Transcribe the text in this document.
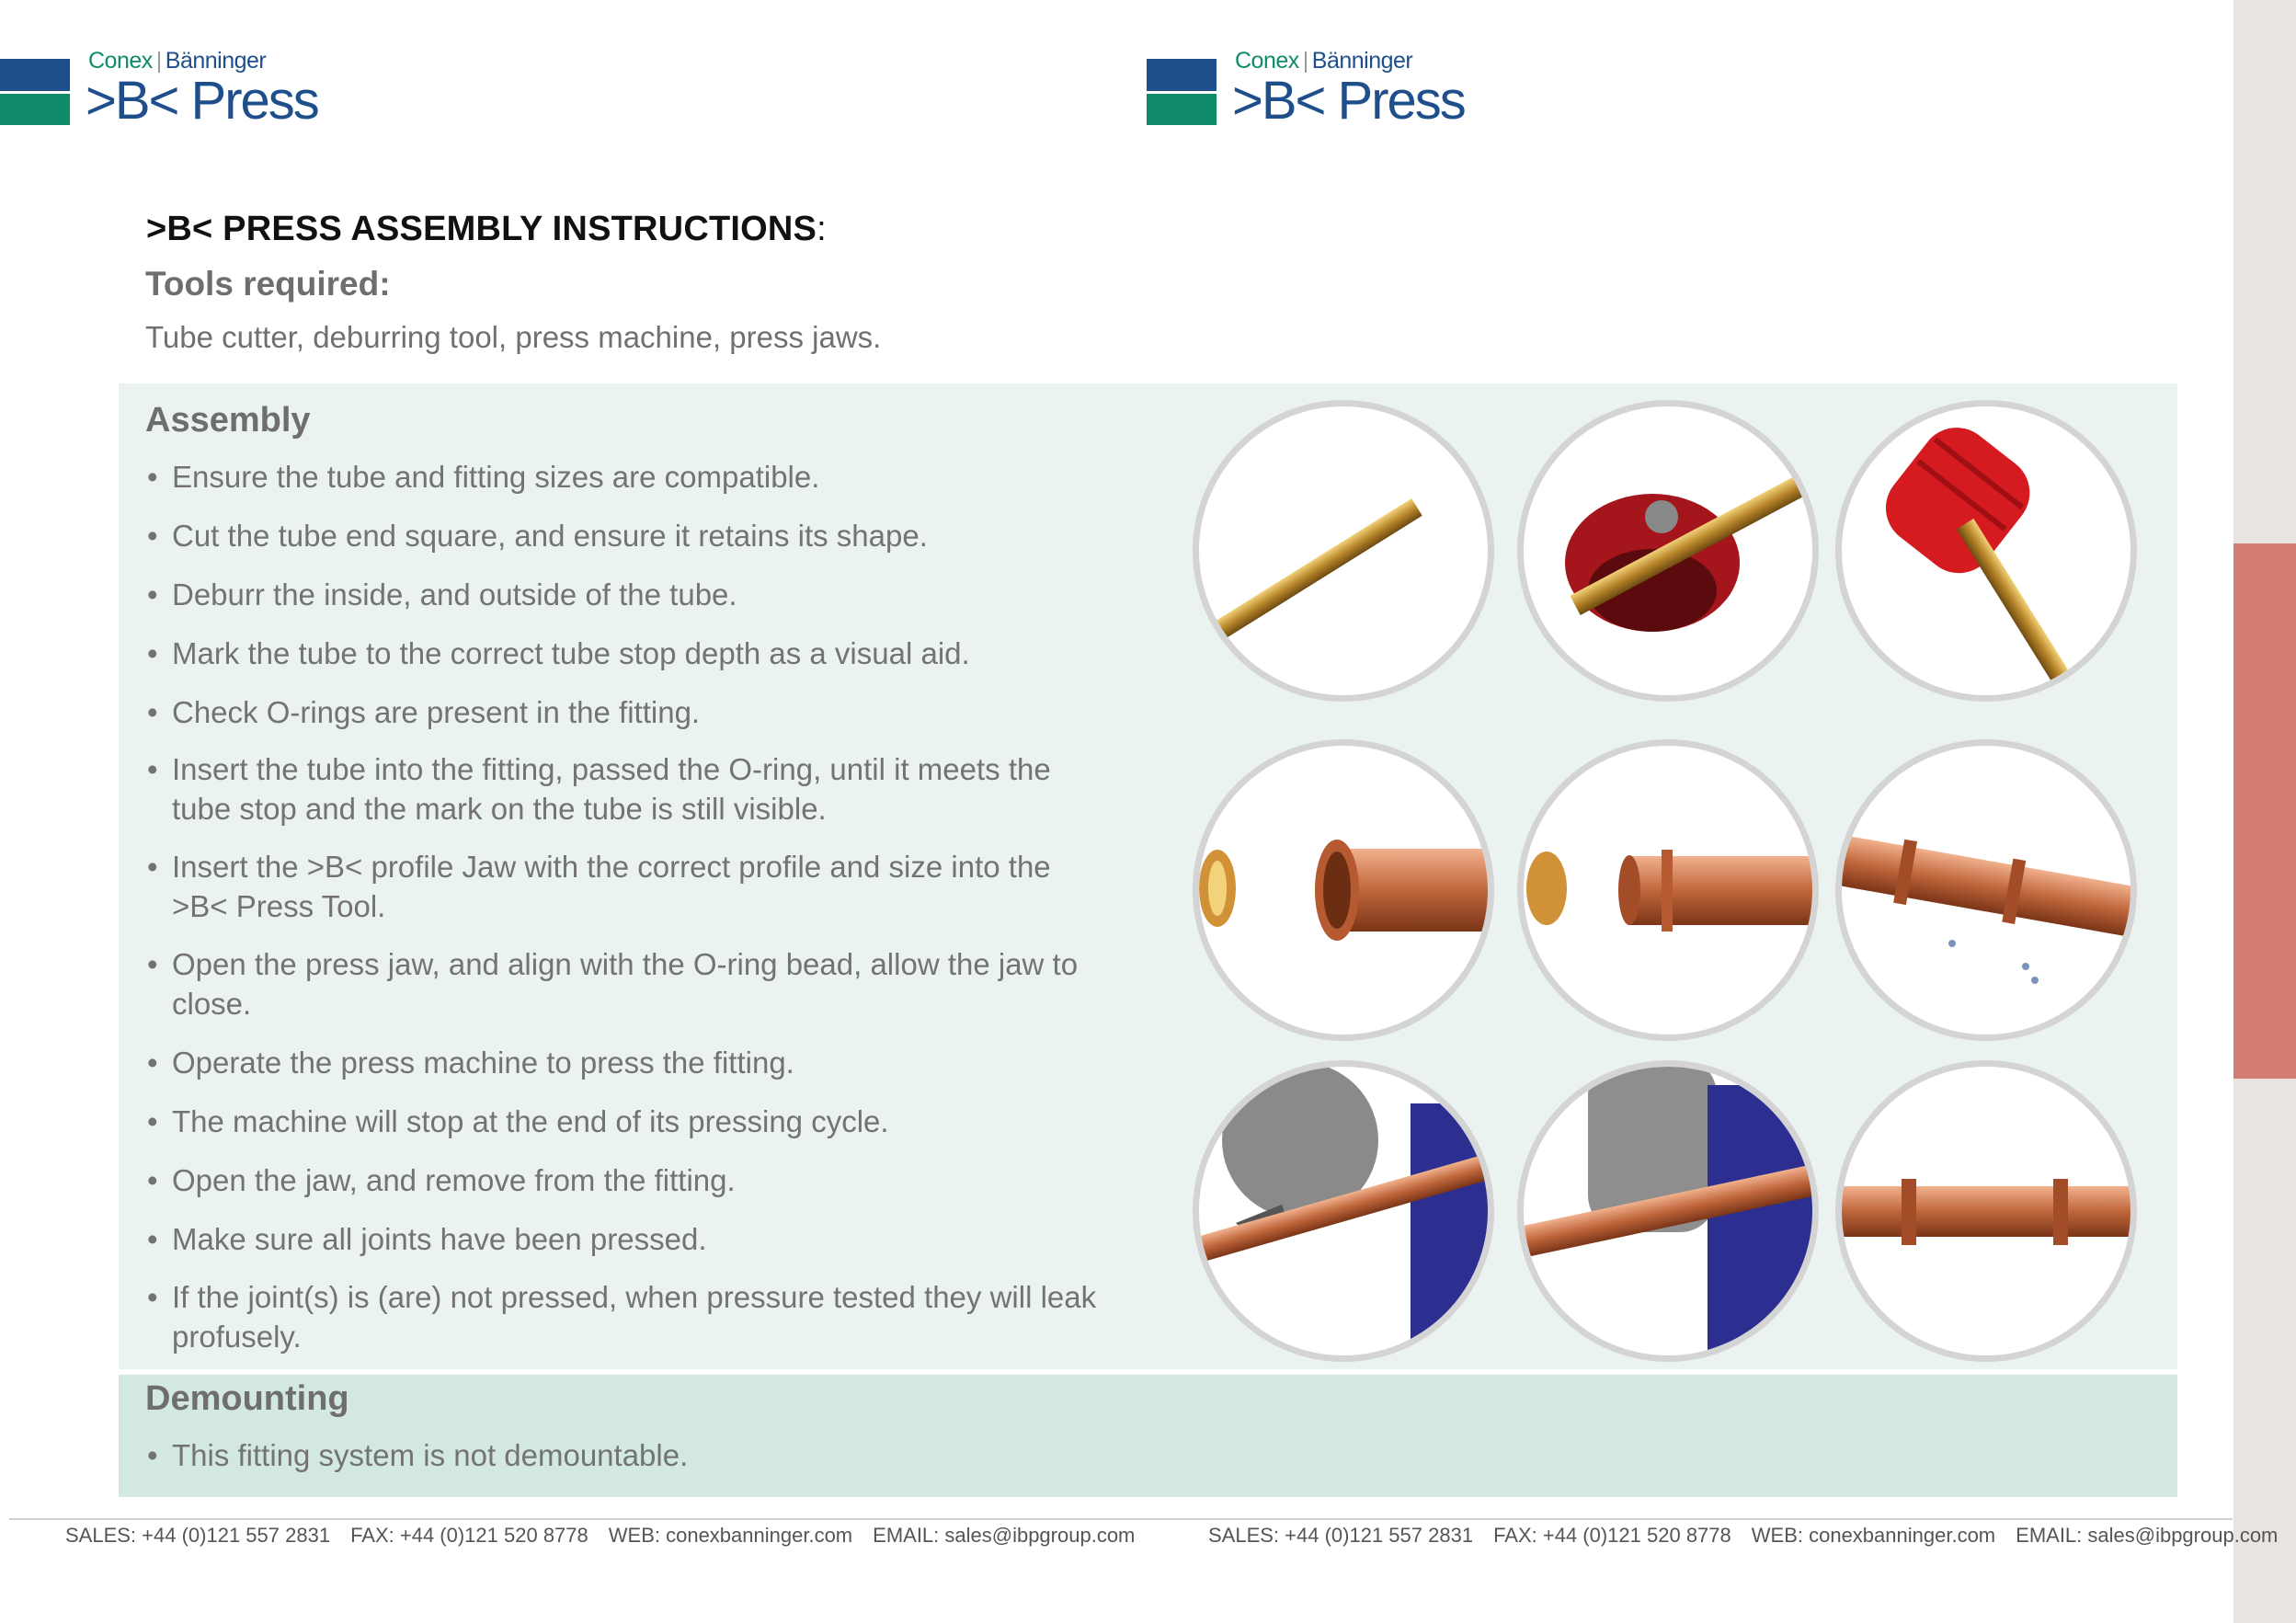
Conex | Bänninger
>B< Press
Conex | Bänninger
>B< Press
>B< PRESS ASSEMBLY INSTRUCTIONS:
Tools required:
Tube cutter, deburring tool, press machine, press jaws.
Assembly
• Ensure the tube and fitting sizes are compatible.
• Cut the tube end square, and ensure it retains its shape.
• Deburr the inside, and outside of the tube.
• Mark the tube to the correct tube stop depth as a visual aid.
• Check O-rings are present in the fitting.
• Insert the tube into the fitting, passed the O-ring, until it meets the tube stop and the mark on the tube is still visible.
• Insert the >B< profile Jaw with the correct profile and size into the >B< Press Tool.
• Open the press jaw, and align with the O-ring bead, allow the jaw to close.
• Operate the press machine to press the fitting.
• The machine will stop at the end of its pressing cycle.
• Open the jaw, and remove from the fitting.
• Make sure all joints have been pressed.
• If the joint(s) is (are) not pressed, when pressure tested they will leak profusely.
Demounting
• This fitting system is not demountable.
SALES: +44 (0)121 557 2831 FAX: +44 (0)121 520 8778 WEB: conexbanninger.com EMAIL: sales@ibpgroup.com	SALES: +44 (0)121 557 2831 FAX: +44 (0)121 520 8778 WEB: conexbanninger.com EMAIL: sales@ibpgroup.com
